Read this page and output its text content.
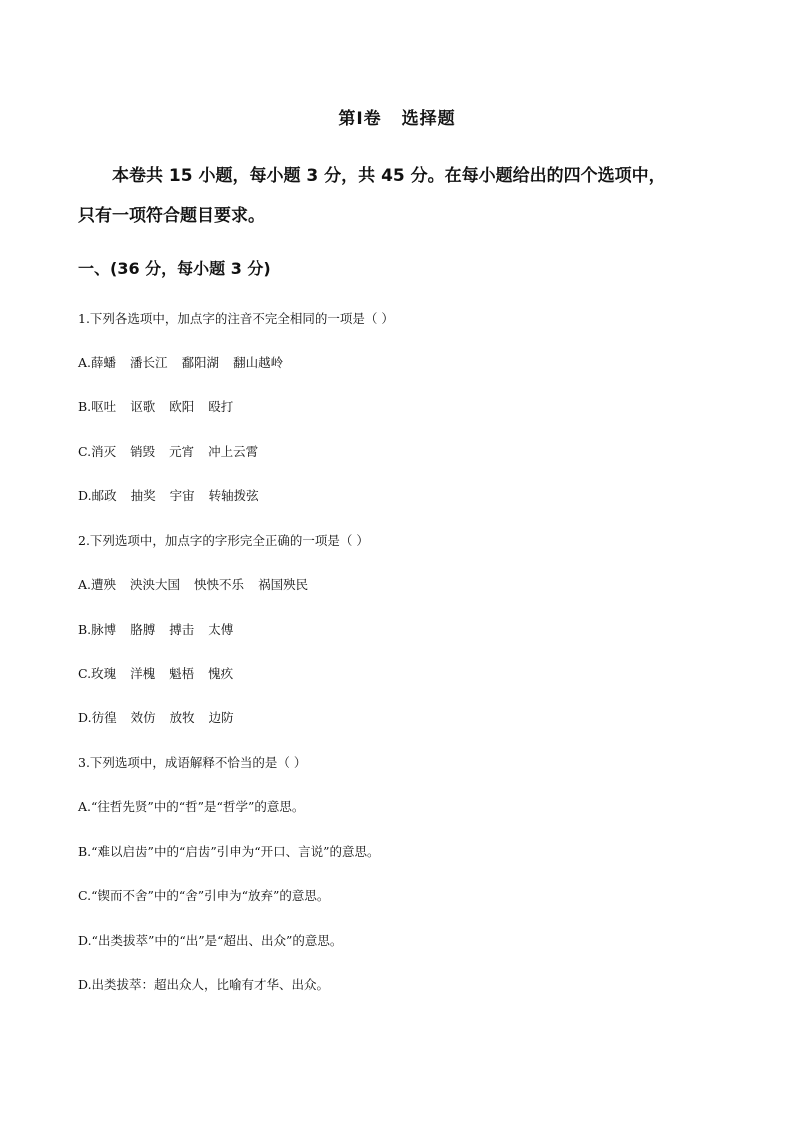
第Ⅰ卷 选择题
本卷共 15 小题，每小题 3 分，共 45 分。在每小题给出的四个选项中，
只有一项符合题目要求。
一、(36 分，每小题 3 分)
1.下列各选项中，加点字的注音不完全相同的一项是（ ）
A.薛蟠 潘长江 鄱阳湖 翻山越岭
B.呕吐 讴歌 欧阳 殴打
C.消灭 销毁 元宵 冲上云霄
D.邮政 抽奖 宇宙 转轴拨弦
2.下列选项中，加点字的字形完全正确的一项是（ ）
A.遭殃 泱泱大国 怏怏不乐 祸国殃民
B.脉博 胳膊 搏击 太傅
C.玫瑰 洋槐 魁梧 愧疚
D.彷徨 效仿 放牧 边防
3.下列选项中，成语解释不恰当的是（ ）
A.“往哲先贤”中的“哲”是“哲学”的意思。
B.“难以启齿”中的“启齿”引申为“开口、言说”的意思。
C.“锲而不舍”中的“舍”引申为“放弃”的意思。
D.“出类拔萃”中的“出”是“超出、出众”的意思。
D.出类拔萃：超出众人，比喻有才华、出众。
